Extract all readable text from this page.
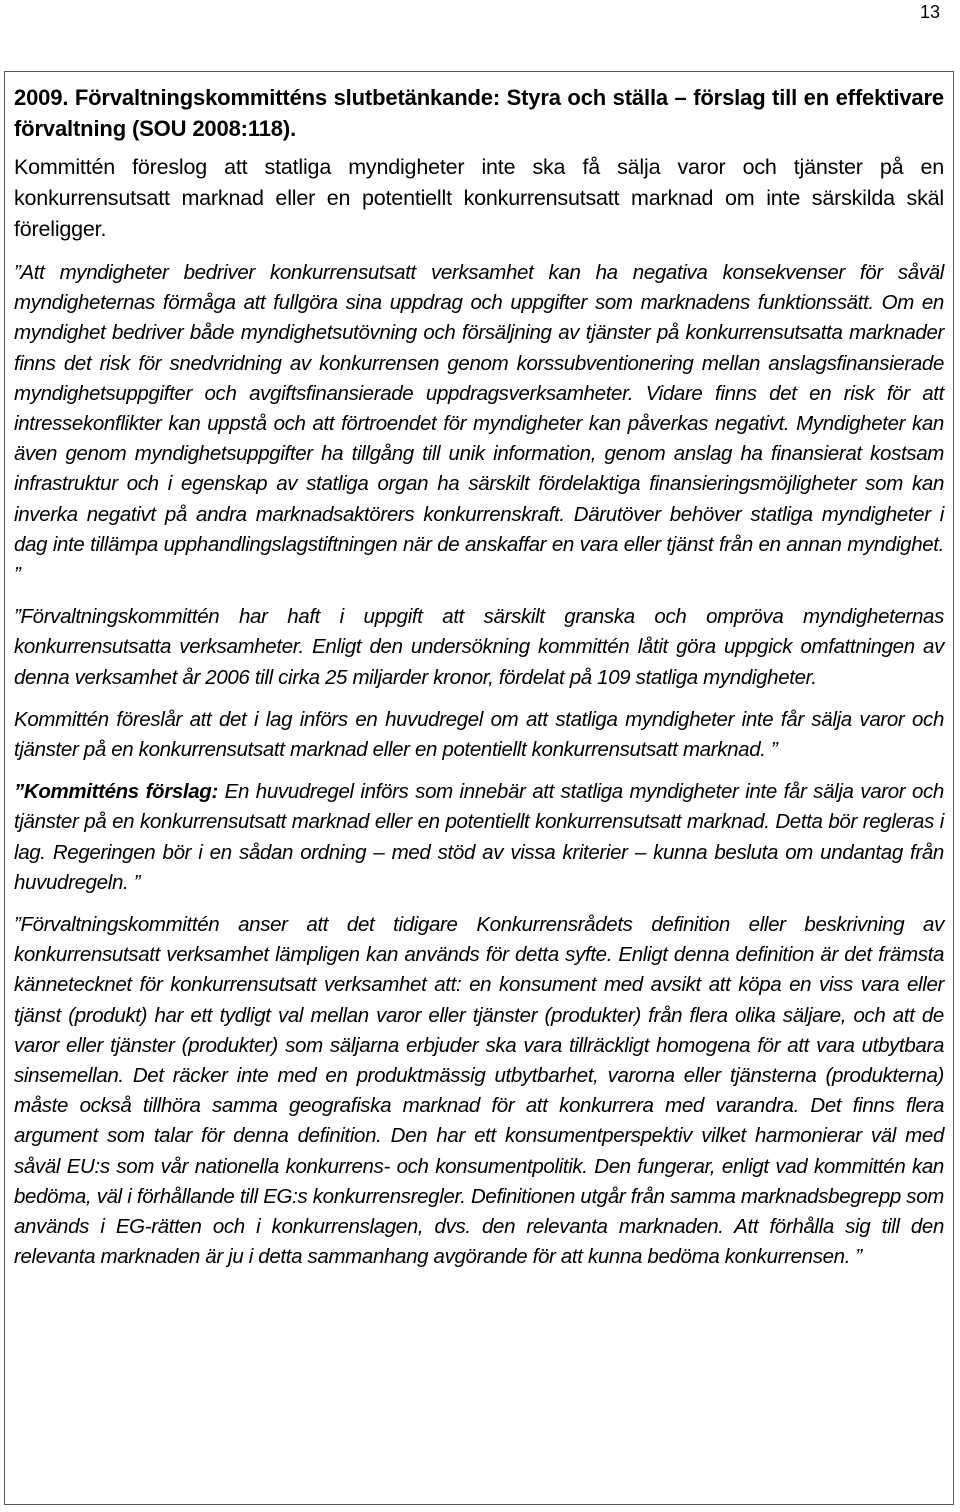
13

2009. Förvaltningskommitténs slutbetänkande: Styra och ställa – förslag till en effektivare förvaltning (SOU 2008:118).

Kommittén föreslog att statliga myndigheter inte ska få sälja varor och tjänster på en konkurrensutsatt marknad eller en potentiellt konkurrensutsatt marknad om inte särskilda skäl föreligger.

”Att myndigheter bedriver konkurrensutsatt verksamhet kan ha negativa konsekvenser för såväl myndigheternas förmåga att fullgöra sina uppdrag och uppgifter som marknadens funktionssätt. Om en myndighet bedriver både myndighetsutövning och försäljning av tjänster på konkurrensutsatta marknader finns det risk för snedvridning av konkurrensen genom korssubventionering mellan anslagsfinansierade myndighetsuppgifter och avgiftsfinansierade uppdragsverksamheter. Vidare finns det en risk för att intressekonflikter kan uppstå och att förtroendet för myndigheter kan påverkas negativt. Myndigheter kan även genom myndighetsuppgifter ha tillgång till unik information, genom anslag ha finansierat kostsam infrastruktur och i egenskap av statliga organ ha särskilt fördelaktiga finansieringsmöjligheter som kan inverka negativt på andra marknadsaktörers konkurrenskraft. Därutöver behöver statliga myndigheter i dag inte tillämpa upphandlingslagstiftningen när de anskaffar en vara eller tjänst från en annan myndighet. ”

”Förvaltningskommittén har haft i uppgift att särskilt granska och ompröva myndigheternas konkurrensutsatta verksamheter. Enligt den undersökning kommittén låtit göra uppgick omfattningen av denna verksamhet år 2006 till cirka 25 miljarder kronor, fördelat på 109 statliga myndigheter.

Kommittén föreslår att det i lag införs en huvudregel om att statliga myndigheter inte får sälja varor och tjänster på en konkurrensutsatt marknad eller en potentiellt konkurrensutsatt marknad. ”

”Kommitténs förslag: En huvudregel införs som innebär att statliga myndigheter inte får sälja varor och tjänster på en konkurrensutsatt marknad eller en potentiellt konkurrensutsatt marknad. Detta bör regleras i lag. Regeringen bör i en sådan ordning – med stöd av vissa kriterier – kunna besluta om undantag från huvudregeln. ”

”Förvaltningskommittén anser att det tidigare Konkurrensrådets definition eller beskrivning av konkurrensutsatt verksamhet lämpligen kan används för detta syfte. Enligt denna definition är det främsta kännetecknet för konkurrensutsatt verksamhet att: en konsument med avsikt att köpa en viss vara eller tjänst (produkt) har ett tydligt val mellan varor eller tjänster (produkter) från flera olika säljare, och att de varor eller tjänster (produkter) som säljarna erbjuder ska vara tillräckligt homogena för att vara utbytbara sinsemellan. Det räcker inte med en produktmässig utbytbarhet, varorna eller tjänsterna (produkterna) måste också tillhöra samma geografiska marknad för att konkurrera med varandra. Det finns flera argument som talar för denna definition. Den har ett konsumentperspektiv vilket harmonierar väl med såväl EU:s som vår nationella konkurrens- och konsumentpolitik. Den fungerar, enligt vad kommittén kan bedöma, väl i förhållande till EG:s konkurrensregler. Definitionen utgår från samma marknadsbegrepp som används i EG-rätten och i konkurrenslagen, dvs. den relevanta marknaden. Att förhålla sig till den relevanta marknaden är ju i detta sammanhang avgörande för att kunna bedöma konkurrensen. ”
